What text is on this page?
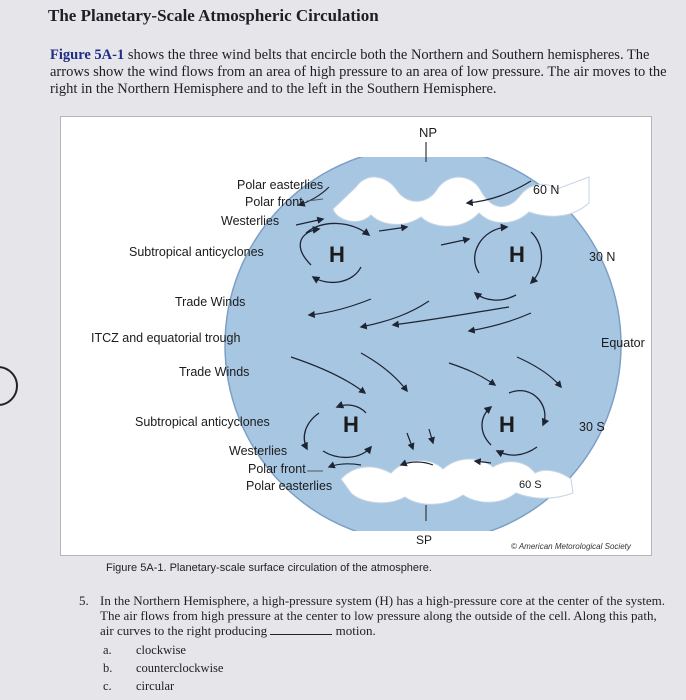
The Planetary-Scale Atmospheric Circulation
Figure 5A-1 shows the three wind belts that encircle both the Northern and Southern hemispheres. The arrows show the wind flows from an area of high pressure to an area of low pressure. The air moves to the right in the Northern Hemisphere and to the left in the Southern Hemisphere.
NP
Polar easterlies
Polar front
Westerlies
Subtropical anticyclones	H	H
60 N
30 N
Trade Winds
ITCZ and equatorial trough	Equator
Trade Winds
Subtropical anticyclones	H	H	30 S
Westerlies
Polar front
Polar easterlies	60 S
SP	© American Metorological Society
Figure 5A-1. Planetary-scale surface circulation of the atmosphere.
5. In the Northern Hemisphere, a high-pressure system (H) has a high-pressure core at the center of the system. The air flows from high pressure at the center to low pressure along the outside of the cell. Along this path, air curves to the right producing	motion.
a. clockwise
b. counterclockwise
c. circular
